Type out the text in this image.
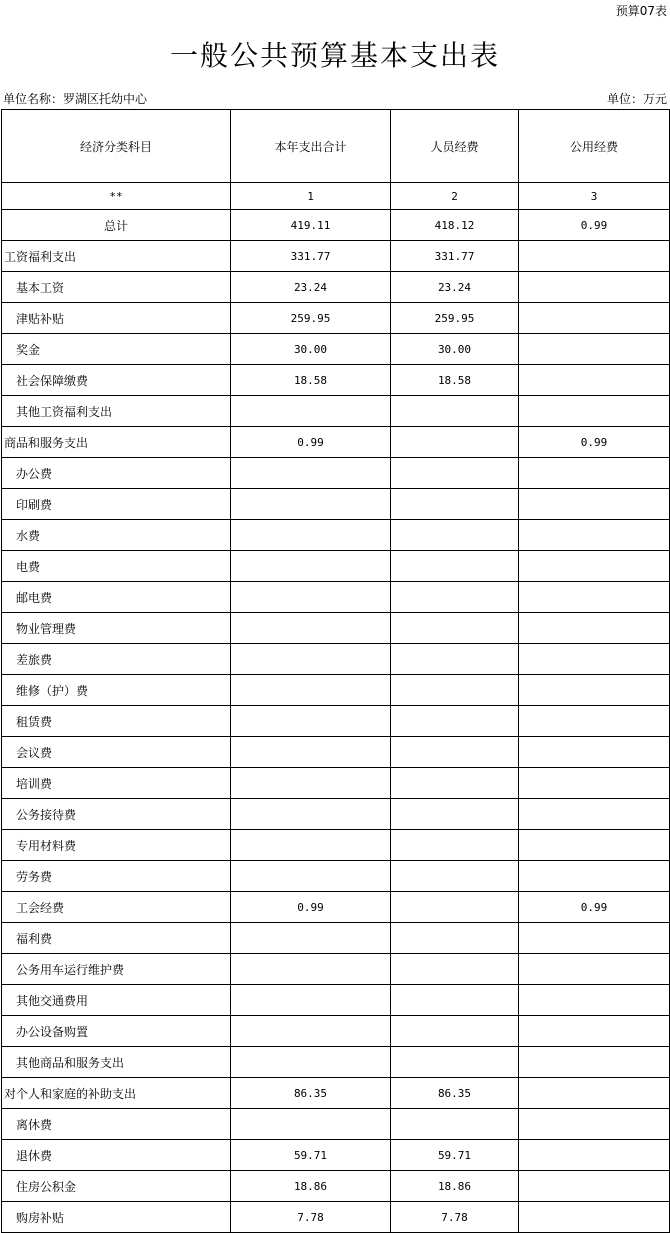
预算07表
一般公共预算基本支出表
单位名称：罗湖区托幼中心	单位：万元
经济分类科目	本年支出合计	人员经费	公用经费
**	1	2	3
总计	419.11	418.12	0.99
工资福利支出	331.77	331.77	
基本工资	23.24	23.24	
津贴补贴	259.95	259.95	
奖金	30.00	30.00	
社会保障缴费	18.58	18.58	
其他工资福利支出			
商品和服务支出	0.99		0.99
办公费			
印刷费			
水费			
电费			
邮电费			
物业管理费			
差旅费			
维修（护）费			
租赁费			
会议费			
培训费			
公务接待费			
专用材料费			
劳务费			
工会经费	0.99		0.99
福利费			
公务用车运行维护费			
其他交通费用			
办公设备购置			
其他商品和服务支出			
对个人和家庭的补助支出	86.35	86.35	
离休费			
退休费	59.71	59.71	
住房公积金	18.86	18.86	
购房补贴	7.78	7.78	
